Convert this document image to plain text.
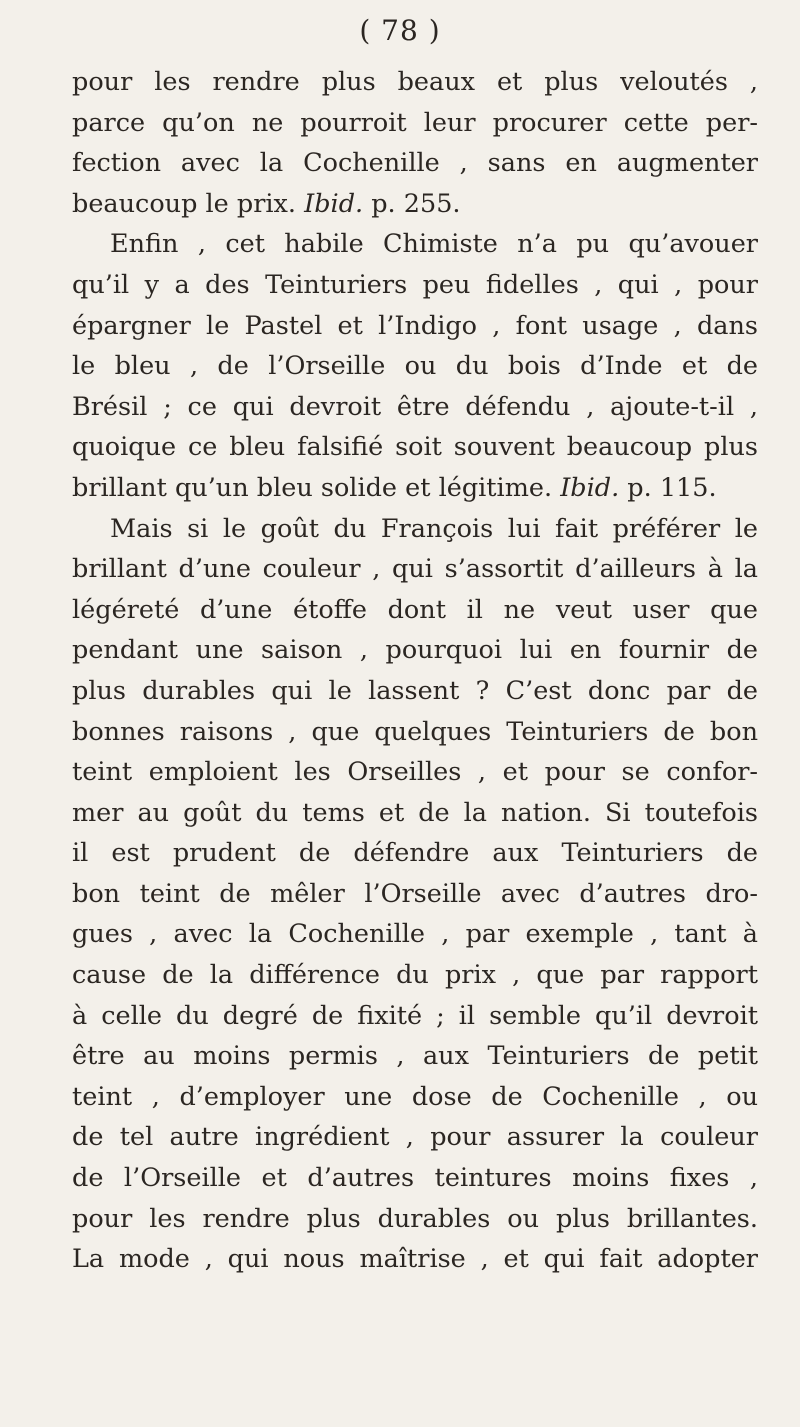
( 78 )
pour les rendre plus beaux et plus veloutés ,
parce qu’on ne pourroit leur procurer cette per-
fection avec la Cochenille , sans en augmenter
beaucoup le prix. Ibid. p. 255.
Enfin , cet habile Chimiste n’a pu qu’avouer
qu’il y a des Teinturiers peu fidelles , qui , pour
épargner le Pastel et l’Indigo , font usage , dans
le bleu , de l’Orseille ou du bois d’Inde et de
Brésil ; ce qui devroit être défendu , ajoute-t-il ,
quoique ce bleu falsifié soit souvent beaucoup plus
brillant qu’un bleu solide et légitime. Ibid. p. 115.
Mais si le goût du François lui fait préférer le
brillant d’une couleur , qui s’assortit d’ailleurs à la
légéreté d’une étoffe dont il ne veut user que
pendant une saison , pourquoi lui en fournir de
plus durables qui le lassent ? C’est donc par de
bonnes raisons , que quelques Teinturiers de bon
teint emploient les Orseilles , et pour se confor-
mer au goût du tems et de la nation. Si toutefois
il est prudent de défendre aux Teinturiers de
bon teint de mêler l’Orseille avec d’autres dro-
gues , avec la Cochenille , par exemple , tant à
cause de la différence du prix , que par rapport
à celle du degré de fixité ; il semble qu’il devroit
être au moins permis , aux Teinturiers de petit
teint , d’employer une dose de Cochenille , ou
de tel autre ingrédient , pour assurer la couleur
de l’Orseille et d’autres teintures moins fixes ,
pour les rendre plus durables ou plus brillantes.
La mode , qui nous maîtrise , et qui fait adopter
